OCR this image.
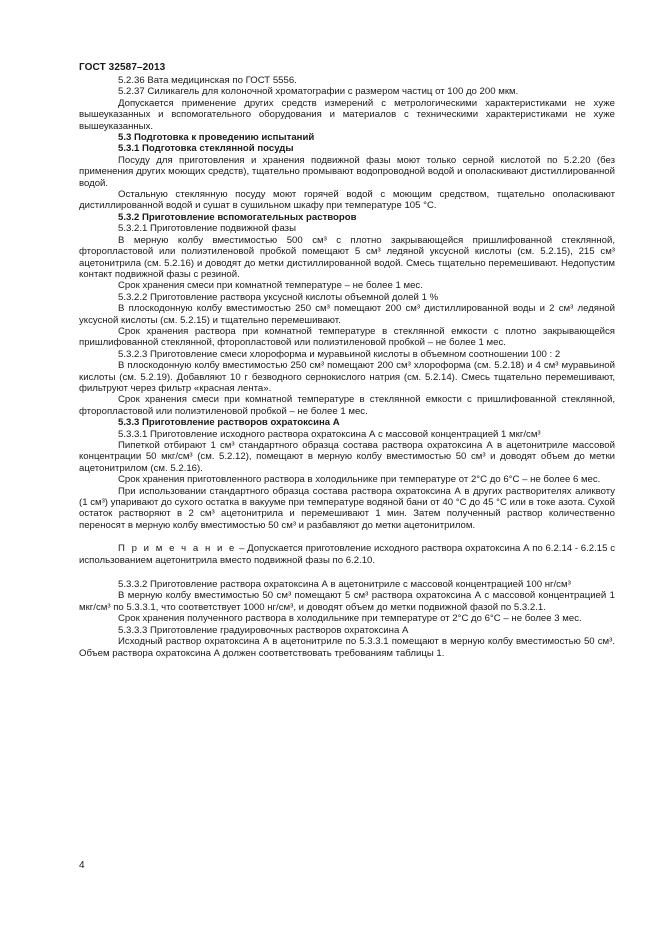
ГОСТ 32587–2013

5.2.36 Вата медицинская по ГОСТ 5556.

5.2.37 Силикагель для колоночной хроматографии с размером частиц от 100 до 200 мкм.

Допускается применение других средств измерений с метрологическими характеристиками не хуже вышеуказанных и вспомогательного оборудования и материалов с техническими характеристиками не хуже вышеуказанных.

5.3 Подготовка к проведению испытаний

5.3.1 Подготовка стеклянной посуды

Посуду для приготовления и хранения подвижной фазы моют только серной кислотой по 5.2.20 (без применения других моющих средств), тщательно промывают водопроводной водой и ополаскивают дистиллированной водой.

Остальную стеклянную посуду моют горячей водой с моющим средством, тщательно ополаскивают дистиллированной водой и сушат в сушильном шкафу при температуре 105 °С.

5.3.2 Приготовление вспомогательных растворов

5.3.2.1 Приготовление подвижной фазы

В мерную колбу вместимостью 500 см³ с плотно закрывающейся пришлифованной стеклянной, фторопластовой или полиэтиленовой пробкой помещают 5 см³ ледяной уксусной кислоты (см. 5.2.15), 215 см³ ацетонитрила (см. 5.2.16) и доводят до метки дистиллированной водой. Смесь тщательно перемешивают. Недопустим контакт подвижной фазы с резиной.

Срок хранения смеси при комнатной температуре – не более 1 мес.

5.3.2.2 Приготовление раствора уксусной кислоты объемной долей 1 %

В плоскодонную колбу вместимостью 250 см³ помещают 200 см³ дистиллированной воды и 2 см³ ледяной уксусной кислоты (см. 5.2.15) и тщательно перемешивают.

Срок хранения раствора при комнатной температуре в стеклянной емкости с плотно закрывающейся пришлифованной стеклянной, фторопластовой или полиэтиленовой пробкой – не более 1 мес.

5.3.2.3 Приготовление смеси хлороформа и муравьиной кислоты в объемном соотношении 100 : 2

В плоскодонную колбу вместимостью 250 см³ помещают 200 см³ хлороформа (см. 5.2.18) и 4 см³ муравьиной кислоты (см. 5.2.19). Добавляют 10 г безводного сернокислого натрия (см. 5.2.14). Смесь тщательно перемешивают, фильтруют через фильтр «красная лента».

Срок хранения смеси при комнатной температуре в стеклянной емкости с пришлифованной стеклянной, фторопластовой или полиэтиленовой пробкой – не более 1 мес.

5.3.3 Приготовление растворов охратоксина А

5.3.3.1 Приготовление исходного раствора охратоксина А с массовой концентрацией 1 мкг/см³

Пипеткой отбирают 1 см³ стандартного образца состава раствора охратоксина А в ацетонитриле массовой концентрации 50 мкг/см³ (см. 5.2.12), помещают в мерную колбу вместимостью 50 см³ и доводят объем до метки ацетонитрилом (см. 5.2.16).

Срок хранения приготовленного раствора в холодильнике при температуре от 2°С до 6°С – не более 6 мес.

При использовании стандартного образца состава раствора охратоксина А в других растворителях аликвоту (1 см³) упаривают до сухого остатка в вакууме при температуре водяной бани от 40 °С до 45 °С или в токе азота. Сухой остаток растворяют в 2 см³ ацетонитрила и перемешивают 1 мин. Затем полученный раствор количественно переносят в мерную колбу вместимостью 50 см³ и разбавляют до метки ацетонитрилом.

П р и м е ч а н и е – Допускается приготовление исходного раствора охратоксина А по 6.2.14 - 6.2.15 с использованием ацетонитрила вместо подвижной фазы по 6.2.10.

5.3.3.2 Приготовление раствора охратоксина А в ацетонитриле с массовой концентрацией 100 нг/см³

В мерную колбу вместимостью 50 см³ помещают 5 см³ раствора охратоксина А с массовой концентрацией 1 мкг/см³ по 5.3.3.1, что соответствует 1000 нг/см³, и доводят объем до метки подвижной фазой по 5.3.2.1.

Срок хранения полученного раствора в холодильнике при температуре от 2°С до 6°С – не более 3 мес.

5.3.3.3 Приготовление градуировочных растворов охратоксина А

Исходный раствор охратоксина А в ацетонитриле по 5.3.3.1 помещают в мерную колбу вместимостью 50 см³. Объем раствора охратоксина А должен соответствовать требованиям таблицы 1.

4
